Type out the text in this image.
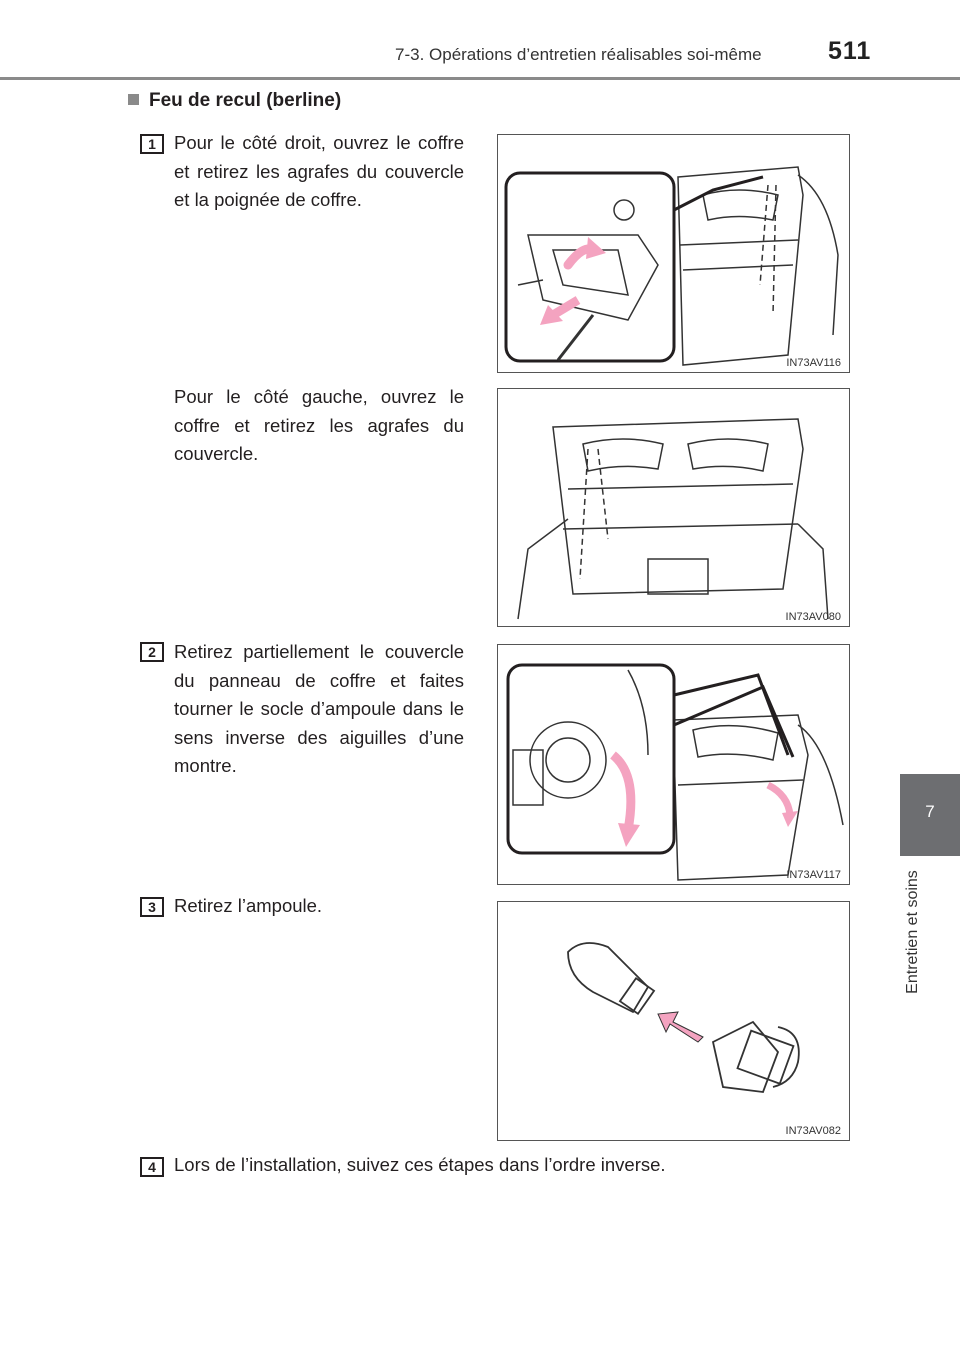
7-3. Opérations d’entretien réalisables soi-même	511
7
Entretien et soins
Feu de recul (berline)
1 Pour le côté droit, ouvrez le coffre et retirez les agrafes du couvercle et la poignée de coffre.
IN73AV116
Pour le côté gauche, ouvrez le coffre et retirez les agrafes du couvercle.
IN73AV080
2 Retirez partiellement le couvercle du panneau de coffre et faites tourner le socle d’ampoule dans le sens inverse des aiguilles d’une montre.
IN73AV117
3 Retirez l’ampoule.
IN73AV082
4 Lors de l’installation, suivez ces étapes dans l’ordre inverse.
